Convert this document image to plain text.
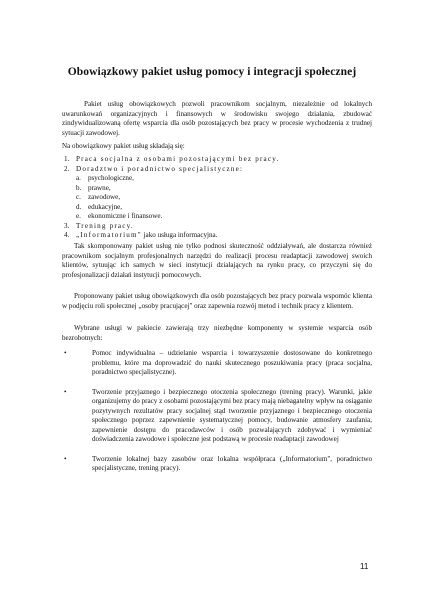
Obowiązkowy pakiet usług pomocy i integracji społecznej
Pakiet usług obowiązkowych pozwoli pracownikom socjalnym, niezależnie od lokalnych uwarunkowań organizacyjnych i finansowych w środowisku swojego działania, zbudować zindywidualizowaną ofertę wsparcia dla osób pozostających bez pracy w procesie wychodzenia z trudnej sytuacji zawodowej.
Na obowiązkowy pakiet usług składają się:
1. Praca socjalna z osobami pozostającymi bez pracy.
2. Doradztwo i poradnictwo specjalistyczne:
a. psychologiczne,
b. prawne,
c. zawodowe,
d. edukacyjne,
e. ekonomiczne i finansowe.
3. Trening pracy.
4. „Informatorium" jako usługa informacyjna.
Tak skomponowany pakiet usług nie tylko podnosi skuteczność oddziaływań, ale dostarcza również pracownikom socjalnym profesjonalnych narzędzi do realizacji procesu readaptacji zawodowej swoich klientów, sytuując ich samych w sieci instytucji działających na rynku pracy, co przyczyni się do profesjonalizacji działań instytucji pomocowych.
Proponowany pakiet usług obowiązkowych dla osób pozostających bez pracy pozwala wspomóc klienta w podjęciu roli społecznej „osoby pracującej" oraz zapewnia rozwój metod i technik pracy z klientem.
Wybrane usługi w pakiecie zawierają trzy niezbędne komponenty w systemie wsparcia osób bezrobotnych:
•	Pomoc indywidualna – udzielanie wsparcia i towarzyszenie dostosowane do konkretnego problemu, które ma doprowadzić do nauki skutecznego poszukiwania pracy (praca socjalna, poradnictwo specjalistyczne).
•	Tworzenie przyjaznego i bezpiecznego otoczenia społecznego (trening pracy). Warunki, jakie organizujemy do pracy z osobami pozostającymi bez pracy mają niebagatelny wpływ na osiąganie pozytywnych rezultatów pracy socjalnej stąd tworzenie przyjaznego i bezpiecznego otoczenia społecznego poprzez zapewnienie systematycznej pomocy, budowanie atmosfery zaufania, zapewnienie dostępu do pracodawców i osób pozwalających zdobywać i wymieniać doświadczenia zawodowe i społeczne jest podstawą w procesie readaptacji zawodowej
•	Tworzenie lokalnej bazy zasobów oraz lokalna współpraca („Informatorium", poradnictwo specjalistyczne, trening pracy).
11
